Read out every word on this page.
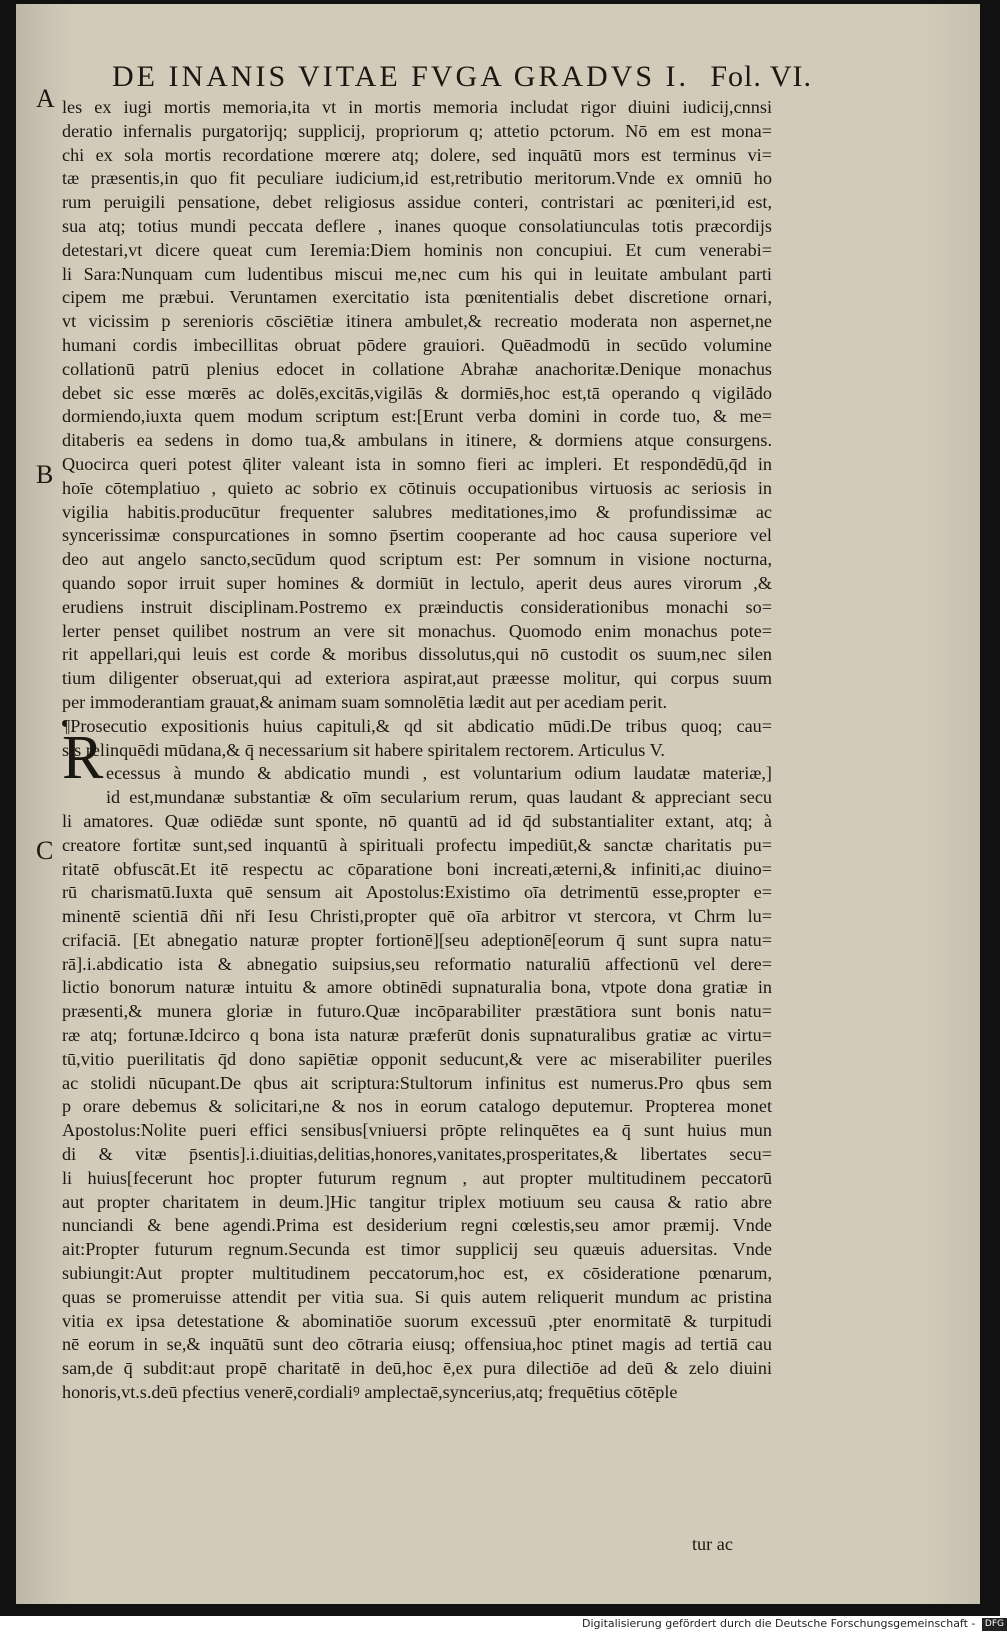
DE INANIS VITAE FVGA GRADVS I. Fol. VI.
A
B
C
R
les ex iugi mortis memoria,ita vt in mortis memoria includat rigor diuini iudicij,cnnsi
deratio infernalis purgatorijq; supplicij, propriorum q; attetio pctorum. Nō em est mona=
chi ex sola mortis recordatione mœrere atq; dolere, sed inquātū mors est terminus vi=
tæ præsentis,in quo fit peculiare iudicium,id est,retributio meritorum.Vnde ex omniū ho
rum peruigili pensatione, debet religiosus assidue conteri, contristari ac pœniteri,id est,
sua atq; totius mundi peccata deflere , inanes quoque consolatiunculas totis præcordijs
detestari,vt dicere queat cum Ieremia:Diem hominis non concupiui. Et cum venerabi=
li Sara:Nunquam cum ludentibus miscui me,nec cum his qui in leuitate ambulant parti
cipem me præbui. Veruntamen exercitatio ista pœnitentialis debet discretione ornari,
vt vicissim p serenioris cōsciētiæ itinera ambulet,& recreatio moderata non aspernet,ne
humani cordis imbecillitas obruat pōdere grauiori. Quēadmodū in secūdo volumine
collationū patrū plenius edocet in collatione Abrahæ anachoritæ.Denique monachus
debet sic esse mœrēs ac dolēs,excitās,vigilās & dormiēs,hoc est,tā operando q vigilādo
dormiendo,iuxta quem modum scriptum est:[Erunt verba domini in corde tuo, & me=
ditaberis ea sedens in domo tua,& ambulans in itinere, & dormiens atque consurgens.
Quocirca queri potest q̄liter valeant ista in somno fieri ac impleri. Et respondēdū,q̄d in
hoīe cōtemplatiuo , quieto ac sobrio ex cōtinuis occupationibus virtuosis ac seriosis in
vigilia habitis.producūtur frequenter salubres meditationes,imo & profundissimæ ac
syncerissimæ conspurcationes in somno p̄sertim cooperante ad hoc causa superiore vel
deo aut angelo sancto,secūdum quod scriptum est: Per somnum in visione nocturna,
quando sopor irruit super homines & dormiūt in lectulo, aperit deus aures virorum ,&
erudiens instruit disciplinam.Postremo ex præinductis considerationibus monachi so=
lerter penset quilibet nostrum an vere sit monachus. Quomodo enim monachus pote=
rit appellari,qui leuis est corde & moribus dissolutus,qui nō custodit os suum,nec silen
tium diligenter obseruat,qui ad exteriora aspirat,aut præesse molitur, qui corpus suum
per immoderantiam grauat,& animam suam somnolētia lædit aut per acediam perit.
¶Prosecutio expositionis huius capituli,& qd sit abdicatio mūdi.De tribus quoq; cau=
sis relinquēdi mūdana,& q̄ necessarium sit habere spiritalem rectorem. Articulus V.
ecessus à mundo & abdicatio mundi , est voluntarium odium laudatæ materiæ,]
id est,mundanæ substantiæ & oīm secularium rerum, quas laudant & appreciant secu
li amatores. Quæ odiēdæ sunt sponte, nō quantū ad id q̄d substantialiter extant, atq; à
creatore fortitæ sunt,sed inquantū à spirituali profectu impediūt,& sanctæ charitatis pu=
ritatē obfuscāt.Et itē respectu ac cōparatione boni increati,æterni,& infiniti,ac diuino=
rū charismatū.Iuxta quē sensum ait Apostolus:Existimo oīa detrimentū esse,propter e=
minentē scientiā dñi nři Iesu Christi,propter quē oīa arbitror vt stercora, vt Chrm lu=
crifaciā. [Et abnegatio naturæ propter fortionē][seu adeptionē[eorum q̄ sunt supra natu=
rā].i.abdicatio ista & abnegatio suipsius,seu reformatio naturaliū affectionū vel dere=
lictio bonorum naturæ intuitu & amore obtinēdi supnaturalia bona, vtpote dona gratiæ in
præsenti,& munera gloriæ in futuro.Quæ incōparabiliter præstātiora sunt bonis natu=
ræ atq; fortunæ.Idcirco q bona ista naturæ præferūt donis supnaturalibus gratiæ ac virtu=
tū,vitio puerilitatis q̄d dono sapiētiæ opponit seducunt,& vere ac miserabiliter pueriles
ac stolidi nūcupant.De qbus ait scriptura:Stultorum infinitus est numerus.Pro qbus sem
p orare debemus & solicitari,ne & nos in eorum catalogo deputemur. Propterea monet
Apostolus:Nolite pueri effici sensibus[vniuersi prōpte relinquētes ea q̄ sunt huius mun
di & vitæ p̄sentis].i.diuitias,delitias,honores,vanitates,prosperitates,& libertates secu=
li huius[fecerunt hoc propter futurum regnum , aut propter multitudinem peccatorū
aut propter charitatem in deum.]Hic tangitur triplex motiuum seu causa & ratio abre
nunciandi & bene agendi.Prima est desiderium regni cœlestis,seu amor præmij. Vnde
ait:Propter futurum regnum.Secunda est timor supplicij seu quæuis aduersitas. Vnde
subiungit:Aut propter multitudinem peccatorum,hoc est, ex cōsideratione pœnarum,
quas se promeruisse attendit per vitia sua. Si quis autem reliquerit mundum ac pristina
vitia ex ipsa detestatione & abominatiōe suorum excessuū ,pter enormitatē & turpitudi
nē eorum in se,& inquātū sunt deo cōtraria eiusq; offensiua,hoc ptinet magis ad tertiā cau
sam,de q̄ subdit:aut propē charitatē in deū,hoc ē,ex pura dilectiōe ad deū & zelo diuini
honoris,vt.s.deū pfectius venerē,cordialiꝰ amplectaē,syncerius,atq; frequētius cōtēple
tur ac
Digitalisierung gefördert durch die Deutsche Forschungsgemeinschaft - DFG
